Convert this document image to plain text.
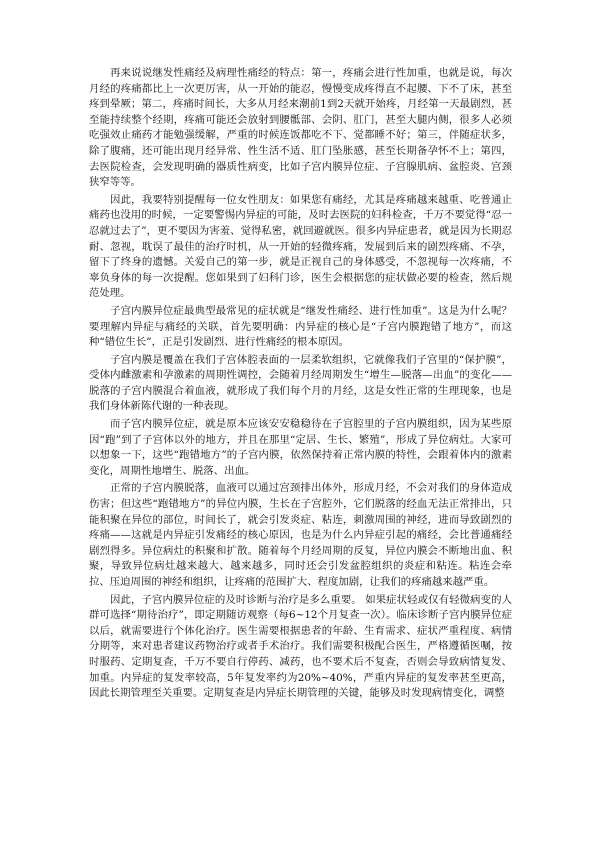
再来说说继发性痛经及病理性痛经的特点：第一，疼痛会进行性加重，也就是说，每次月经的疼痛都比上一次更厉害，从一开始的能忍，慢慢变成疼得直不起腰、下不了床，甚至疼到晕厥；第二，疼痛时间长，大多从月经来潮前1到2天就开始疼，月经第一天最剧烈，甚至能持续整个经期，疼痛可能还会放射到腰骶部、会阴、肛门，甚至大腿内侧，很多人必须吃强效止痛药才能勉强缓解，严重的时候连饭都吃不下、觉都睡不好；第三，伴随症状多，除了腹痛，还可能出现月经异常、性生活不适、肛门坠胀感，甚至长期备孕怀不上；第四，去医院检查，会发现明确的器质性病变，比如子宫内膜异位症、子宫腺肌病、盆腔炎、宫颈狭窄等等。

因此，我要特别提醒每一位女性朋友：如果您有痛经，尤其是疼痛越来越重、吃普通止痛药也没用的时候，一定要警惕内异症的可能，及时去医院的妇科检查，千万不要觉得“忍一忍就过去了”，更不要因为害羞、觉得私密，就回避就医。很多内异症患者，就是因为长期忍耐、忽视，耽误了最佳的治疗时机，从一开始的轻微疼痛，发展到后来的剧烈疼痛、不孕，留下了终身的遗憾。关爱自己的第一步，就是正视自己的身体感受，不忽视每一次疼痛，不辜负身体的每一次提醒。您如果到了妇科门诊，医生会根据您的症状做必要的检查，然后规范处理。

子宫内膜异位症最典型最常见的症状就是“继发性痛经、进行性加重”。这是为什么呢？要理解内异症与痛经的关联，首先要明确：内异症的核心是“子宫内膜跑错了地方”，而这种“错位生长”，正是引发剧烈、进行性痛经的根本原因。

子宫内膜是覆盖在我们子宫体腔表面的一层柔软组织，它就像我们子宫里的“保护膜”，受体内雌激素和孕激素的周期性调控，会随着月经周期发生“增生—脱落—出血”的变化——脱落的子宫内膜混合着血液，就形成了我们每个月的月经，这是女性正常的生理现象，也是我们身体新陈代谢的一种表现。

而子宫内膜异位症，就是原本应该安安稳稳待在子宫腔里的子宫内膜组织，因为某些原因“跑”到了子宫体以外的地方，并且在那里“定居、生长、繁殖”，形成了异位病灶。大家可以想象一下，这些“跑错地方”的子宫内膜，依然保持着正常内膜的特性，会跟着体内的激素变化，周期性地增生、脱落、出血。

正常的子宫内膜脱落，血液可以通过宫颈排出体外，形成月经，不会对我们的身体造成伤害；但这些“跑错地方”的异位内膜，生长在子宫腔外，它们脱落的经血无法正常排出，只能积聚在异位的部位，时间长了，就会引发炎症、粘连，刺激周围的神经，进而导致剧烈的疼痛——这就是内异症引发痛经的核心原因，也是为什么内异症引起的痛经，会比普通痛经剧烈得多。异位病灶的积聚和扩散。随着每个月经周期的反复，异位内膜会不断地出血、积聚，导致异位病灶越来越大、越来越多，同时还会引发盆腔组织的炎症和粘连。粘连会牵拉、压迫周围的神经和组织，让疼痛的范围扩大、程度加剧，让我们的疼痛越来越严重。

因此，子宫内膜异位症的及时诊断与治疗是多么重要。 如果症状轻或仅有轻微病变的人群可选择“期待治疗”，即定期随访观察（每6~12个月复查一次）。临床诊断子宫内膜异位症以后，就需要进行个体化治疗。医生需要根据患者的年龄、生育需求、症状严重程度、病情分期等，来对患者建议药物治疗或者手术治疗。我们需要积极配合医生，严格遵循医嘱，按时服药、定期复查，千万不要自行停药、减药，也不要术后不复查，否则会导致病情复发、加重。内异症的复发率较高，5年复发率约为20%~40%，严重内异症的复发率甚至更高，因此长期管理至关重要。定期复查是内异症长期管理的关键，能够及时发现病情变化，调整
